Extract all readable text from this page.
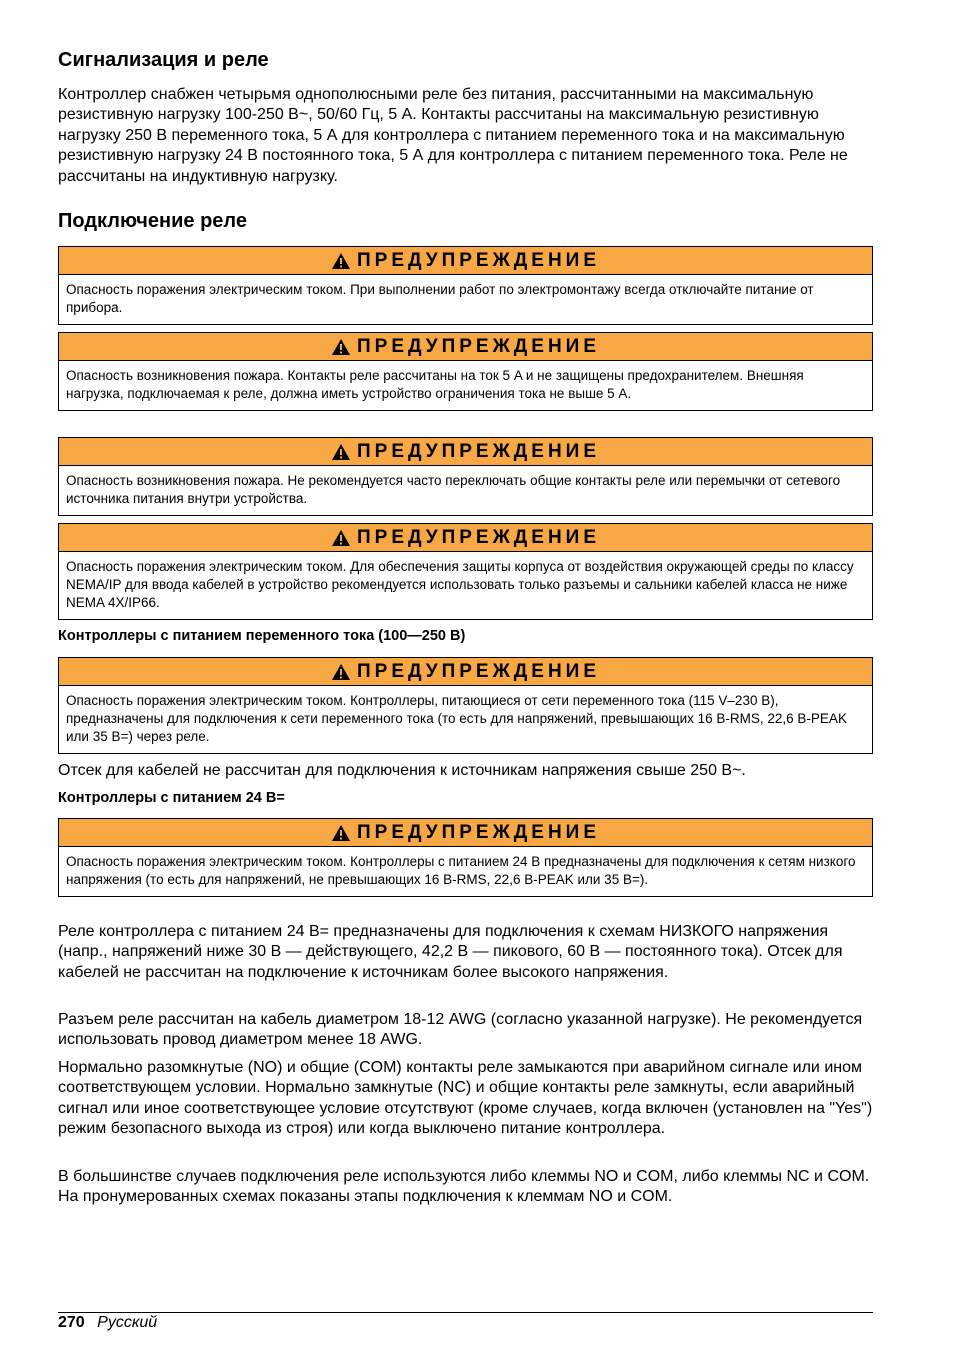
Сигнализация и реле

Контроллер снабжен четырьмя однополюсными реле без питания, рассчитанными на максимальную резистивную нагрузку 100-250 В~, 50/60 Гц, 5 А. Контакты рассчитаны на максимальную резистивную нагрузку 250 В переменного тока, 5 А для контроллера с питанием переменного тока и на максимальную резистивную нагрузку 24 В постоянного тока, 5 А для контроллера с питанием переменного тока. Реле не рассчитаны на индуктивную нагрузку.

Подключение реле
ПРЕДУПРЕЖДЕНИЕ
Опасность поражения электрическим током. При выполнении работ по электромонтажу всегда отключайте питание от прибора.
ПРЕДУПРЕЖДЕНИЕ
Опасность возникновения пожара. Контакты реле рассчитаны на ток 5 A и не защищены предохранителем. Внешняя нагрузка, подключаемая к реле, должна иметь устройство ограничения тока не выше 5 A.
ПРЕДУПРЕЖДЕНИЕ
Опасность возникновения пожара. Не рекомендуется часто переключать общие контакты реле или перемычки от сетевого источника питания внутри устройства.
ПРЕДУПРЕЖДЕНИЕ
Опасность поражения электрическим током. Для обеспечения защиты корпуса от воздействия окружающей среды по классу NEMA/IP для ввода кабелей в устройство рекомендуется использовать только разъемы и сальники кабелей класса не ниже NEMA 4X/IP66.
Контроллеры с питанием переменного тока (100—250 В)
ПРЕДУПРЕЖДЕНИЕ
Опасность поражения электрическим током. Контроллеры, питающиеся от сети переменного тока (115 V–230 В), предназначены для подключения к сети переменного тока (то есть для напряжений, превышающих 16 В-RMS, 22,6 В-PEAK или 35 В=) через реле.

Отсек для кабелей не рассчитан для подключения к источникам напряжения свыше 250 В~.

Контроллеры с питанием 24 В=
ПРЕДУПРЕЖДЕНИЕ
Опасность поражения электрическим током. Контроллеры с питанием 24 В предназначены для подключения к сетям низкого напряжения (то есть для напряжений, не превышающих 16 В-RMS, 22,6 В-PEAK или 35 В=).

Реле контроллера с питанием 24 В= предназначены для подключения к схемам НИЗКОГО напряжения (напр., напряжений ниже 30 В — действующего, 42,2 В — пикового, 60 В — постоянного тока). Отсек для кабелей не рассчитан на подключение к источникам более высокого напряжения.

Разъем реле рассчитан на кабель диаметром 18-12 AWG (согласно указанной нагрузке). Не рекомендуется использовать провод диаметром менее 18 AWG.

Нормально разомкнутые (NO) и общие (COM) контакты реле замыкаются при аварийном сигнале или ином соответствующем условии. Нормально замкнутые (NC) и общие контакты реле замкнуты, если аварийный сигнал или иное соответствующее условие отсутствуют (кроме случаев, когда включен (установлен на "Yes") режим безопасного выхода из строя) или когда выключено питание контроллера.

В большинстве случаев подключения реле используются либо клеммы NO и COM, либо клеммы NC и COM. На пронумерованных схемах показаны этапы подключения к клеммам NO и COM.

270 Русский
